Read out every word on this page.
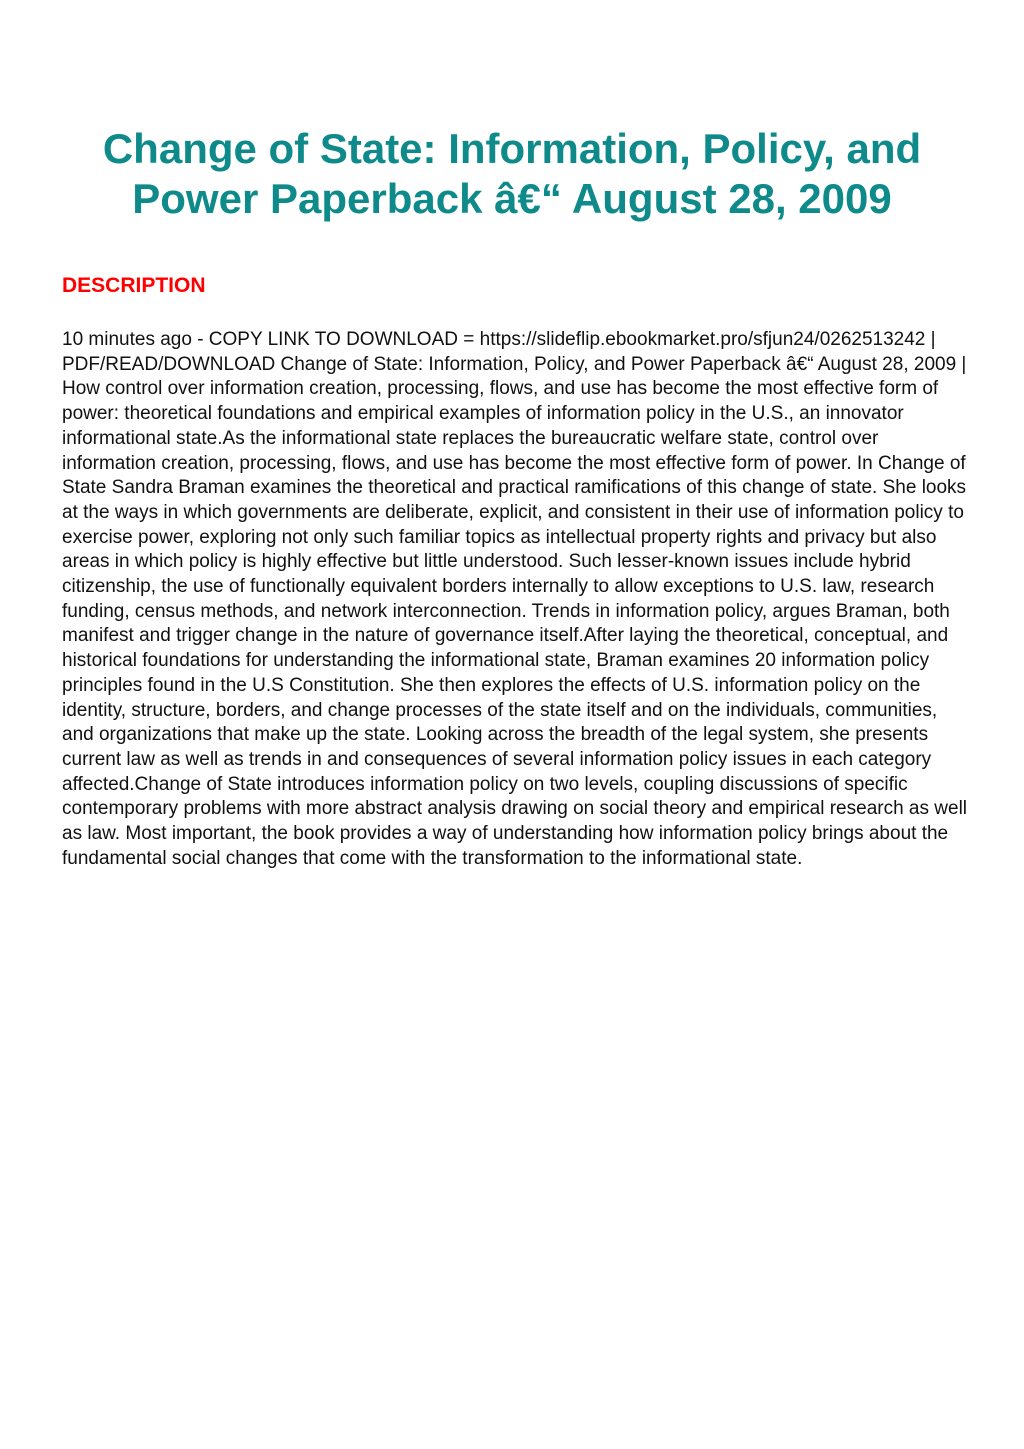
Change of State: Information, Policy, and Power Paperback â€“ August 28, 2009
DESCRIPTION

10 minutes ago - COPY LINK TO DOWNLOAD = https://slideflip.ebookmarket.pro/sfjun24/0262513242 | PDF/READ/DOWNLOAD Change of State: Information, Policy, and Power Paperback â€“ August 28, 2009 | How control over information creation, processing, flows, and use has become the most effective form of power: theoretical foundations and empirical examples of information policy in the U.S., an innovator informational state.As the informational state replaces the bureaucratic welfare state, control over information creation, processing, flows, and use has become the most effective form of power. In Change of State Sandra Braman examines the theoretical and practical ramifications of this change of state. She looks at the ways in which governments are deliberate, explicit, and consistent in their use of information policy to exercise power, exploring not only such familiar topics as intellectual property rights and privacy but also areas in which policy is highly effective but little understood. Such lesser-known issues include hybrid citizenship, the use of functionally equivalent borders internally to allow exceptions to U.S. law, research funding, census methods, and network interconnection. Trends in information policy, argues Braman, both manifest and trigger change in the nature of governance itself.After laying the theoretical, conceptual, and historical foundations for understanding the informational state, Braman examines 20 information policy principles found in the U.S Constitution. She then explores the effects of U.S. information policy on the identity, structure, borders, and change processes of the state itself and on the individuals, communities, and organizations that make up the state. Looking across the breadth of the legal system, she presents current law as well as trends in and consequences of several information policy issues in each category affected.Change of State introduces information policy on two levels, coupling discussions of specific contemporary problems with more abstract analysis drawing on social theory and empirical research as well as law. Most important, the book provides a way of understanding how information policy brings about the fundamental social changes that come with the transformation to the informational state.
